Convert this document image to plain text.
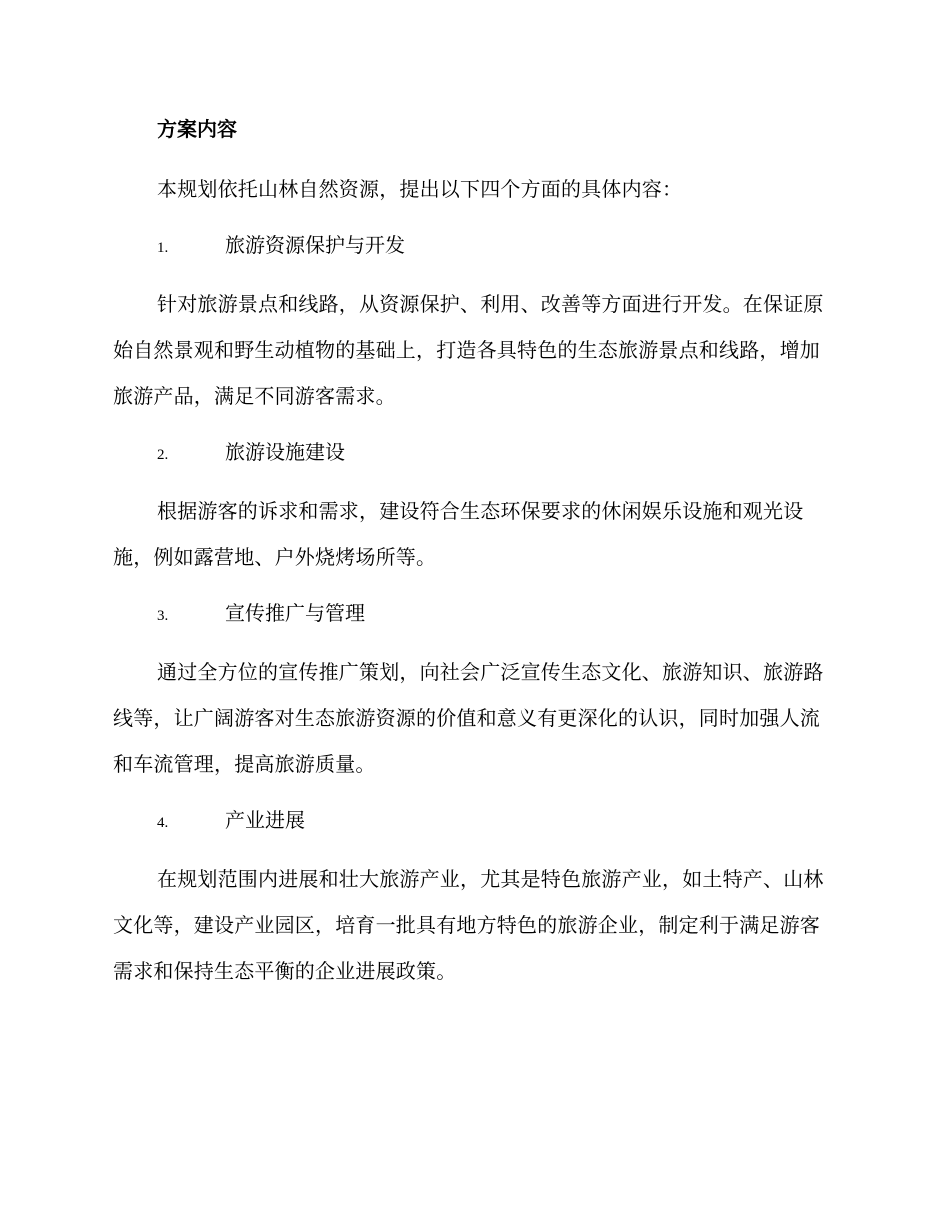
方案内容

本规划依托山林自然资源，提出以下四个方面的具体内容：

1.	旅游资源保护与开发

针对旅游景点和线路，从资源保护、利用、改善等方面进行开发。在保证原始自然景观和野生动植物的基础上，打造各具特色的生态旅游景点和线路，增加旅游产品，满足不同游客需求。

2.	旅游设施建设

根据游客的诉求和需求，建设符合生态环保要求的休闲娱乐设施和观光设施，例如露营地、户外烧烤场所等。

3.	宣传推广与管理

通过全方位的宣传推广策划，向社会广泛宣传生态文化、旅游知识、旅游路线等，让广阔游客对生态旅游资源的价值和意义有更深化的认识，同时加强人流和车流管理，提高旅游质量。

4.	产业进展

在规划范围内进展和壮大旅游产业，尤其是特色旅游产业，如土特产、山林文化等，建设产业园区，培育一批具有地方特色的旅游企业，制定利于满足游客需求和保持生态平衡的企业进展政策。
